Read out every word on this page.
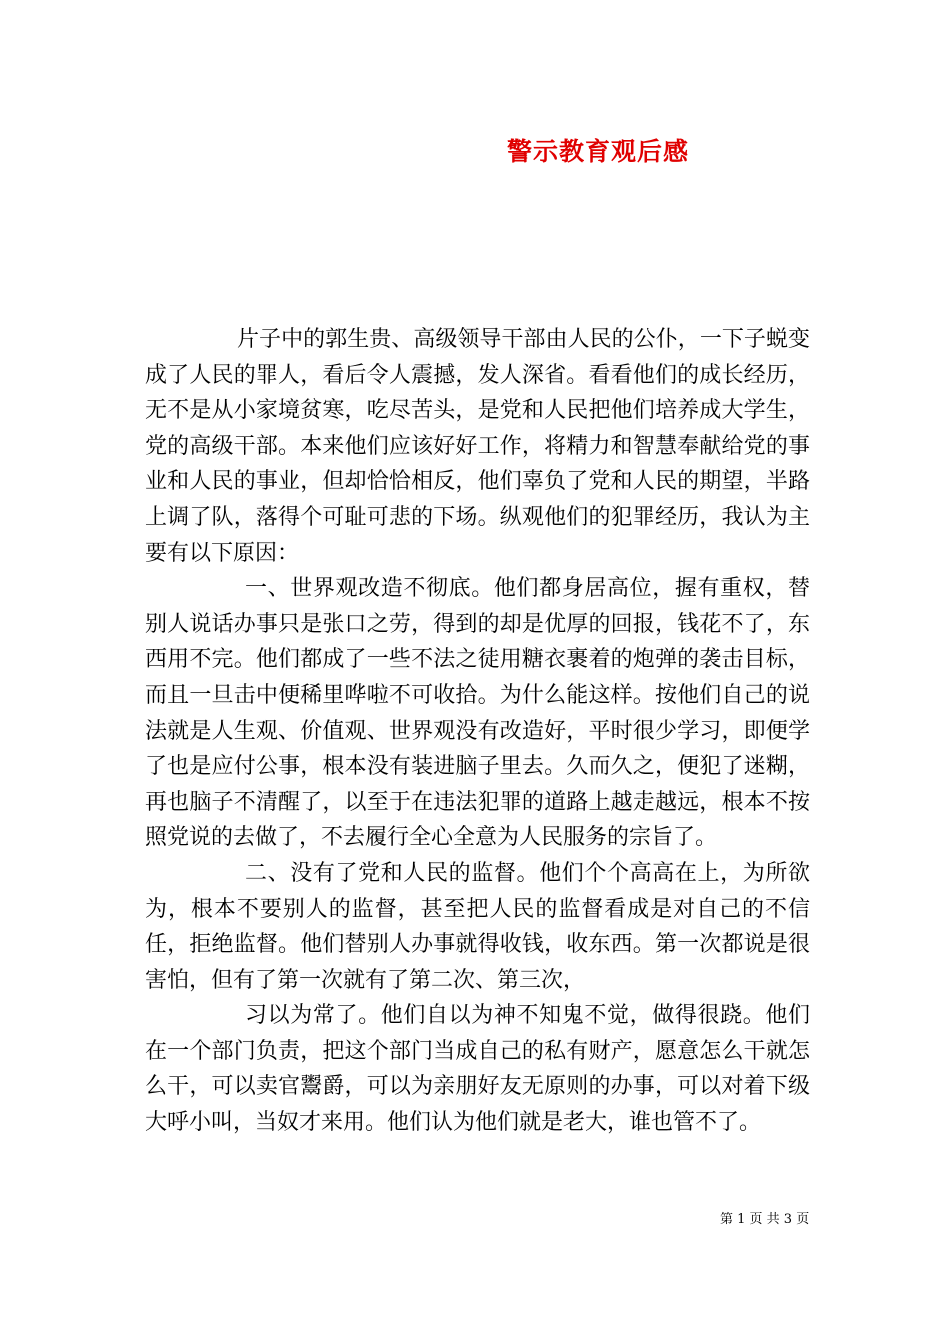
警示教育观后感

片子中的郭生贵、高级领导干部由人民的公仆，一下子蜕变成了人民的罪人，看后令人震撼，发人深省。看看他们的成长经历，无不是从小家境贫寒，吃尽苦头，是党和人民把他们培养成大学生，党的高级干部。本来他们应该好好工作，将精力和智慧奉献给党的事业和人民的事业，但却恰恰相反，他们辜负了党和人民的期望，半路上调了队，落得个可耻可悲的下场。纵观他们的犯罪经历，我认为主要有以下原因：

一、世界观改造不彻底。他们都身居高位，握有重权，替别人说话办事只是张口之劳，得到的却是优厚的回报，钱花不了，东西用不完。他们都成了一些不法之徒用糖衣裹着的炮弹的袭击目标，而且一旦击中便稀里哗啦不可收拾。为什么能这样。按他们自己的说法就是人生观、价值观、世界观没有改造好，平时很少学习，即便学了也是应付公事，根本没有装进脑子里去。久而久之，便犯了迷糊，再也脑子不清醒了，以至于在违法犯罪的道路上越走越远，根本不按照党说的去做了，不去履行全心全意为人民服务的宗旨了。

二、没有了党和人民的监督。他们个个高高在上，为所欲为，根本不要别人的监督，甚至把人民的监督看成是对自己的不信任，拒绝监督。他们替别人办事就得收钱，收东西。第一次都说是很害怕，但有了第一次就有了第二次、第三次，

习以为常了。他们自以为神不知鬼不觉，做得很跷。他们在一个部门负责，把这个部门当成自己的私有财产，愿意怎么干就怎么干，可以卖官鬻爵，可以为亲朋好友无原则的办事，可以对着下级大呼小叫，当奴才来用。他们认为他们就是老大，谁也管不了。

第 1 页 共 3 页
